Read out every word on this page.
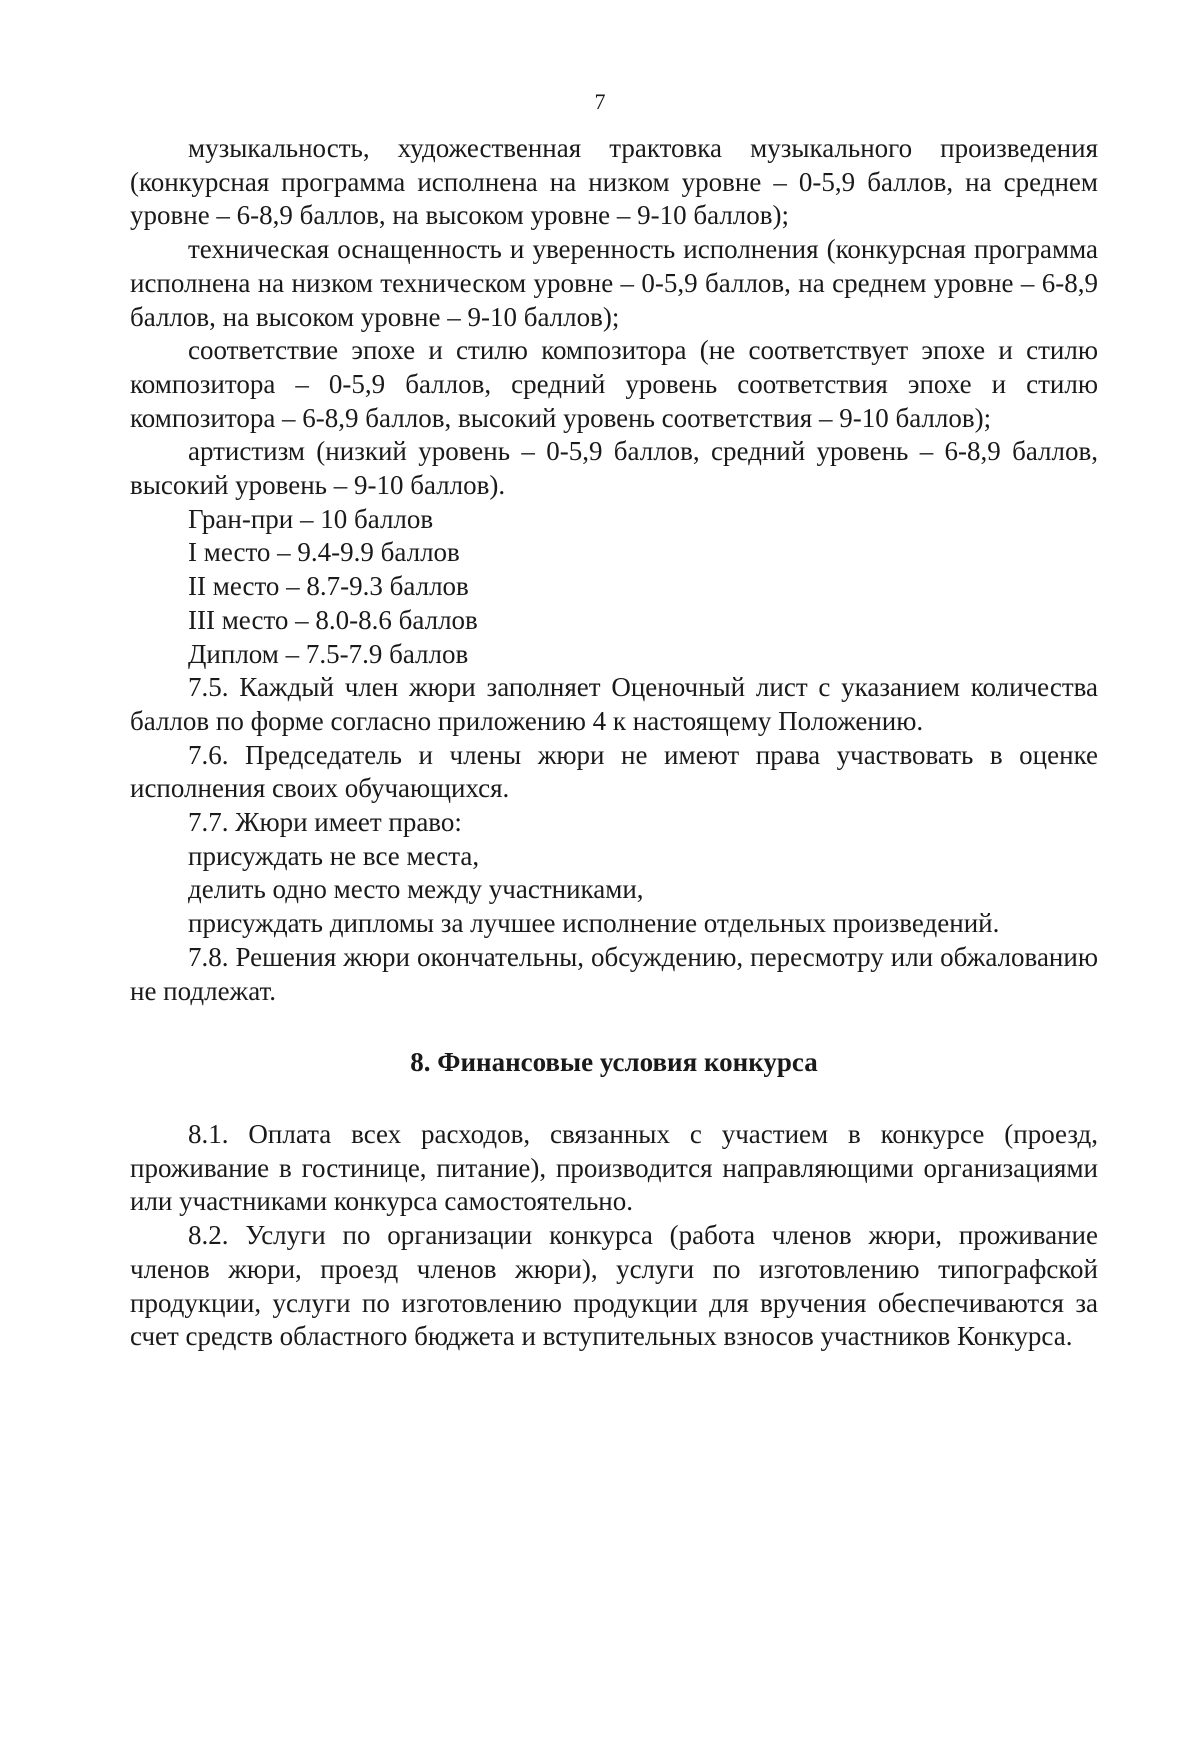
7

музыкальность, художественная трактовка музыкального произведения (конкурсная программа исполнена на низком уровне – 0-5,9 баллов, на среднем уровне – 6-8,9 баллов, на высоком уровне – 9-10 баллов);

техническая оснащенность и уверенность исполнения (конкурсная программа исполнена на низком техническом уровне – 0-5,9 баллов, на среднем уровне – 6-8,9 баллов, на высоком уровне – 9-10 баллов);

соответствие эпохе и стилю композитора (не соответствует эпохе и стилю композитора – 0-5,9 баллов, средний уровень соответствия эпохе и стилю композитора – 6-8,9 баллов, высокий уровень соответствия – 9-10 баллов);

артистизм (низкий уровень – 0-5,9 баллов, средний уровень – 6-8,9 баллов, высокий уровень – 9-10 баллов).

Гран-при – 10 баллов

I место – 9.4-9.9 баллов

II место – 8.7-9.3 баллов

III место – 8.0-8.6 баллов

Диплом – 7.5-7.9 баллов

7.5. Каждый член жюри заполняет Оценочный лист с указанием количества баллов по форме согласно приложению 4 к настоящему Положению.

7.6. Председатель и члены жюри не имеют права участвовать в оценке исполнения своих обучающихся.

7.7. Жюри имеет право:

присуждать не все места,

делить одно место между участниками,

присуждать дипломы за лучшее исполнение отдельных произведений.

7.8. Решения жюри окончательны, обсуждению, пересмотру или обжалованию не подлежат.

8. Финансовые условия конкурса

8.1. Оплата всех расходов, связанных с участием в конкурсе (проезд, проживание в гостинице, питание), производится направляющими организациями или участниками конкурса самостоятельно.

8.2. Услуги по организации конкурса (работа членов жюри, проживание членов жюри, проезд членов жюри), услуги по изготовлению типографской продукции, услуги по изготовлению продукции для вручения обеспечиваются за счет средств областного бюджета и вступительных взносов участников Конкурса.
